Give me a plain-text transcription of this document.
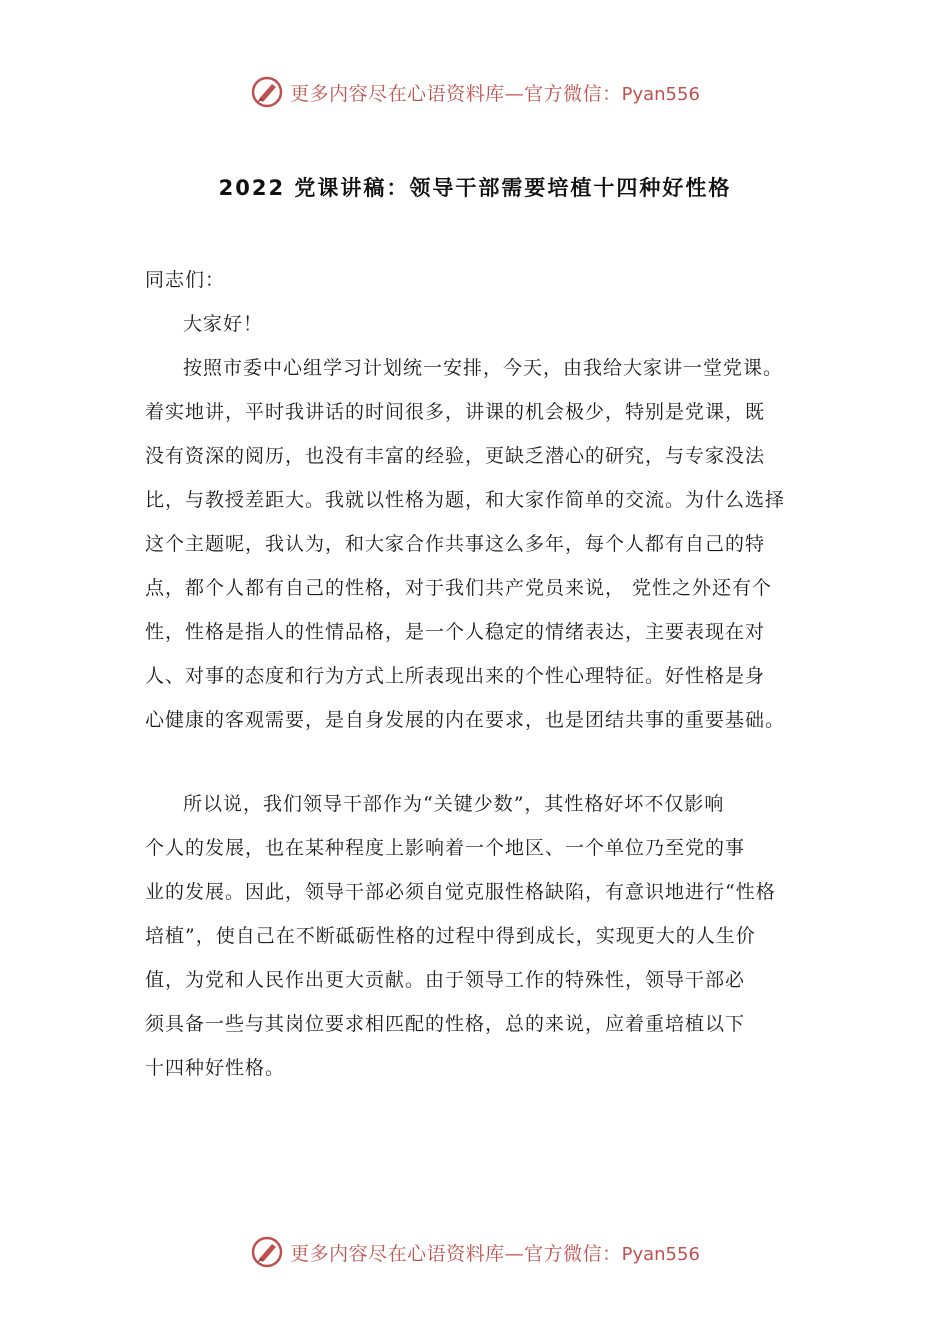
更多内容尽在心语资料库—官方微信：Pyan556
2022 党课讲稿：领导干部需要培植十四种好性格

同志们：

大家好！

按照市委中心组学习计划统一安排，今天，由我给大家讲一堂党课。

着实地讲，平时我讲话的时间很多，讲课的机会极少，特别是党课，既

没有资深的阅历，也没有丰富的经验，更缺乏潜心的研究，与专家没法

比，与教授差距大。我就以性格为题，和大家作简单的交流。为什么选择

这个主题呢，我认为，和大家合作共事这么多年，每个人都有自己的特

点，都个人都有自己的性格，对于我们共产党员来说， 党性之外还有个

性，性格是指人的性情品格，是一个人稳定的情绪表达，主要表现在对

人、对事的态度和行为方式上所表现出来的个性心理特征。好性格是身

心健康的客观需要，是自身发展的内在要求，也是团结共事的重要基础。

所以说，我们领导干部作为“关键少数”，其性格好坏不仅影响

个人的发展，也在某种程度上影响着一个地区、一个单位乃至党的事

业的发展。因此，领导干部必须自觉克服性格缺陷，有意识地进行“性格

培植”，使自己在不断砥砺性格的过程中得到成长，实现更大的人生价

值，为党和人民作出更大贡献。由于领导工作的特殊性，领导干部必

须具备一些与其岗位要求相匹配的性格，总的来说，应着重培植以下

十四种好性格。

更多内容尽在心语资料库—官方微信：Pyan556
